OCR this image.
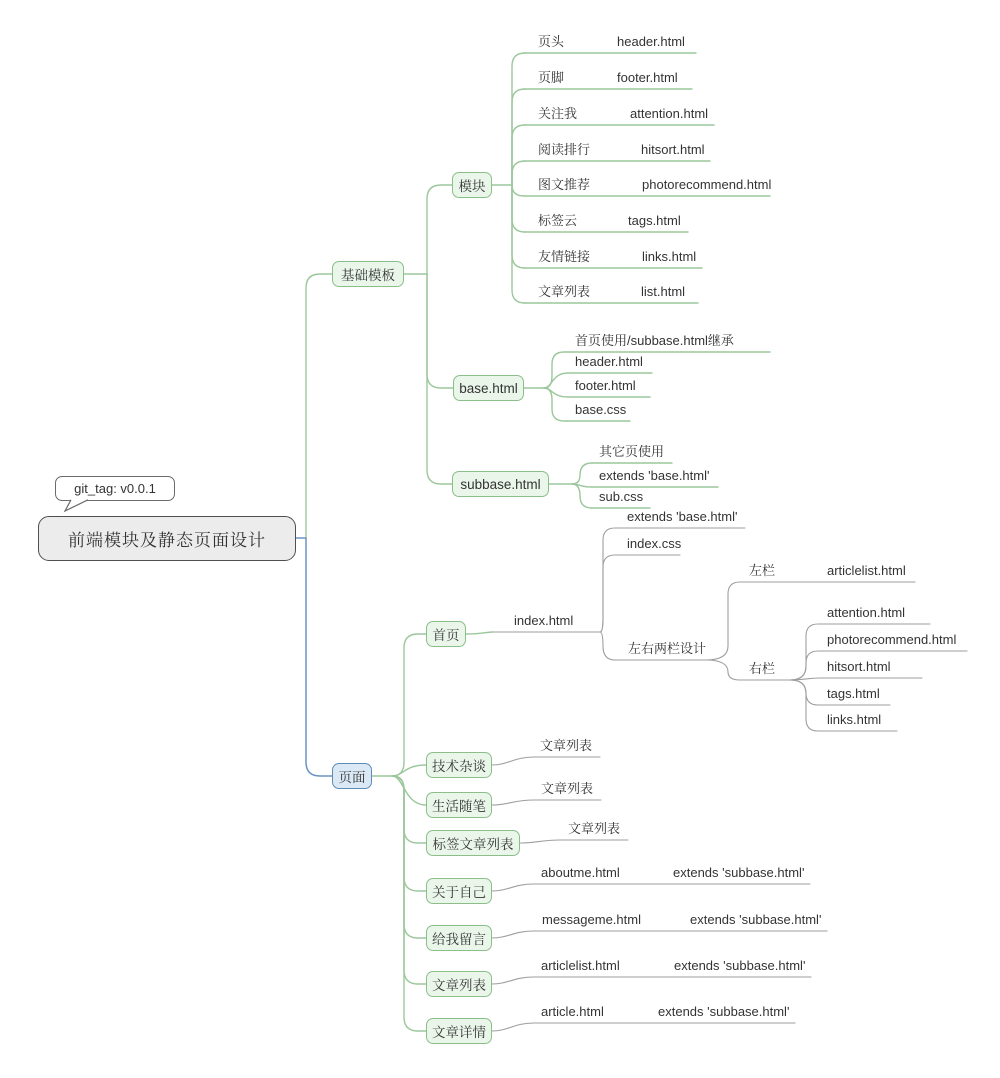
git_tag: v0.0.1
前端模块及静态页面设计
基础模板
模块
base.html
subbase.html
页面
首页
技术杂谈
生活随笔
标签文章列表
关于自己
给我留言
文章列表
文章详情
页头	header.html
页脚	footer.html
关注我	attention.html
阅读排行	hitsort.html
图文推荐	photorecommend.html
标签云	tags.html
友情链接	links.html
文章列表	list.html
首页使用/subbase.html继承
header.html
footer.html
base.css
其它页使用
extends 'base.html'
sub.css
index.html
extends 'base.html'
index.css
左右两栏设计
左栏	articlelist.html
右栏
attention.html
photorecommend.html
hitsort.html
tags.html
links.html
文章列表
文章列表
文章列表
aboutme.html	extends 'subbase.html'
messageme.html	extends 'subbase.html'
articlelist.html	extends 'subbase.html'
article.html	extends 'subbase.html'
